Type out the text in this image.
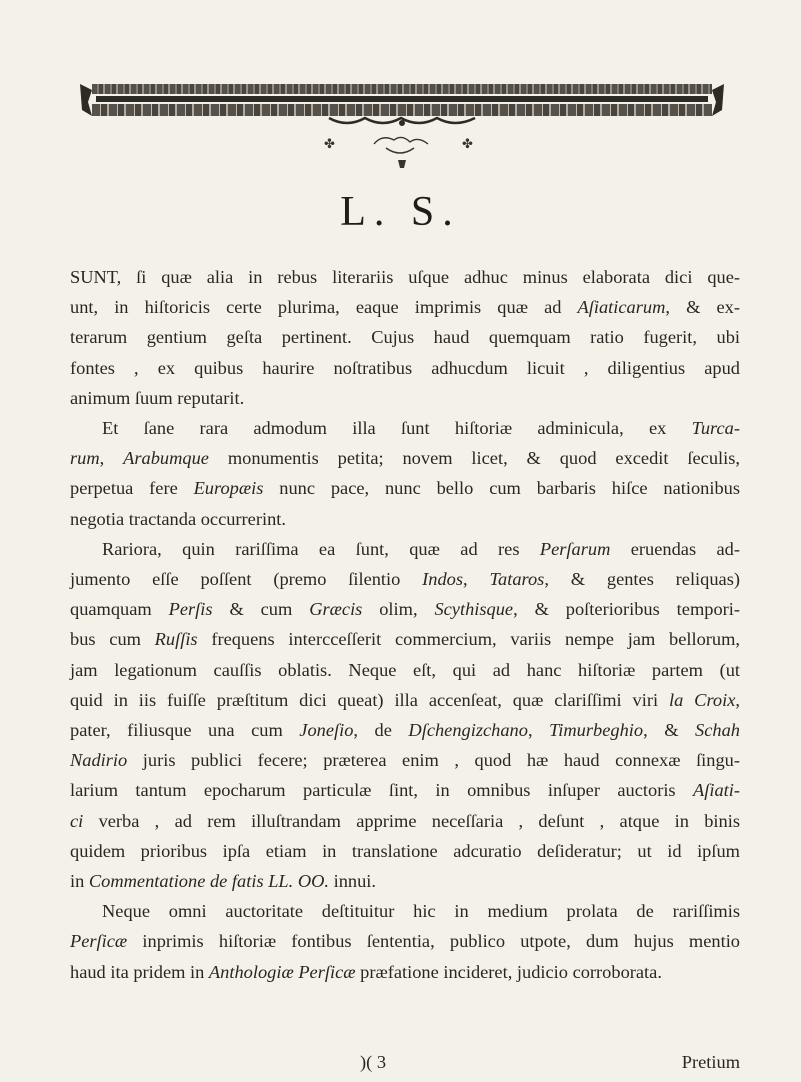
✤	✤
L. S.

SUNT, ſi quæ alia in rebus literariis uſque adhuc minus elaborata dici que-
unt, in hiſtoricis certe plurima, eaque imprimis quæ ad Aſiaticarum, & ex-
terarum gentium geſta pertinent. Cujus haud quemquam ratio fugerit, ubi
fontes , ex quibus haurire noſtratibus adhucdum licuit , diligentius apud
animum ſuum reputarit.

Et ſane rara admodum illa ſunt hiſtoriæ adminicula, ex Turca-
rum, Arabumque monumentis petita; novem licet, & quod excedit ſeculis,
perpetua fere Europæis nunc pace, nunc bello cum barbaris hiſce nationibus
negotia tractanda occurrerint.

Rariora, quin rariſſima ea ſunt, quæ ad res Perſarum eruendas ad-
jumento eſſe poſſent (premo ſilentio Indos, Tataros, & gentes reliquas)
quamquam Perſis & cum Græcis olim, Scythisque, & poſterioribus tempori-
bus cum Ruſſis frequens intercceſſerit commercium, variis nempe jam bellorum,
jam legationum cauſſis oblatis. Neque eſt, qui ad hanc hiſtoriæ partem (ut
quid in iis fuiſſe præſtitum dici queat) illa accenſeat, quæ clariſſimi viri la Croix,
pater, filiusque una cum Joneſio, de Dſchengizchano, Timurbeghio, & Schah
Nadirio juris publici fecere; præterea enim , quod hæ haud connexæ ſingu-
larium tantum epocharum particulæ ſint, in omnibus inſuper auctoris Aſiati-
ci verba , ad rem illuſtrandam apprime neceſſaria , deſunt , atque in binis
quidem prioribus ipſa etiam in translatione adcuratio deſideratur; ut id ipſum
in Commentatione de fatis LL. OO. innui.

Neque omni auctoritate deſtituitur hic in medium prolata de rariſſimis
Perſicæ inprimis hiſtoriæ fontibus ſententia, publico utpote, dum hujus mentio
haud ita pridem in Anthologiæ Perſicæ præfatione incideret, judicio corroborata.

)( 3	Pretium
